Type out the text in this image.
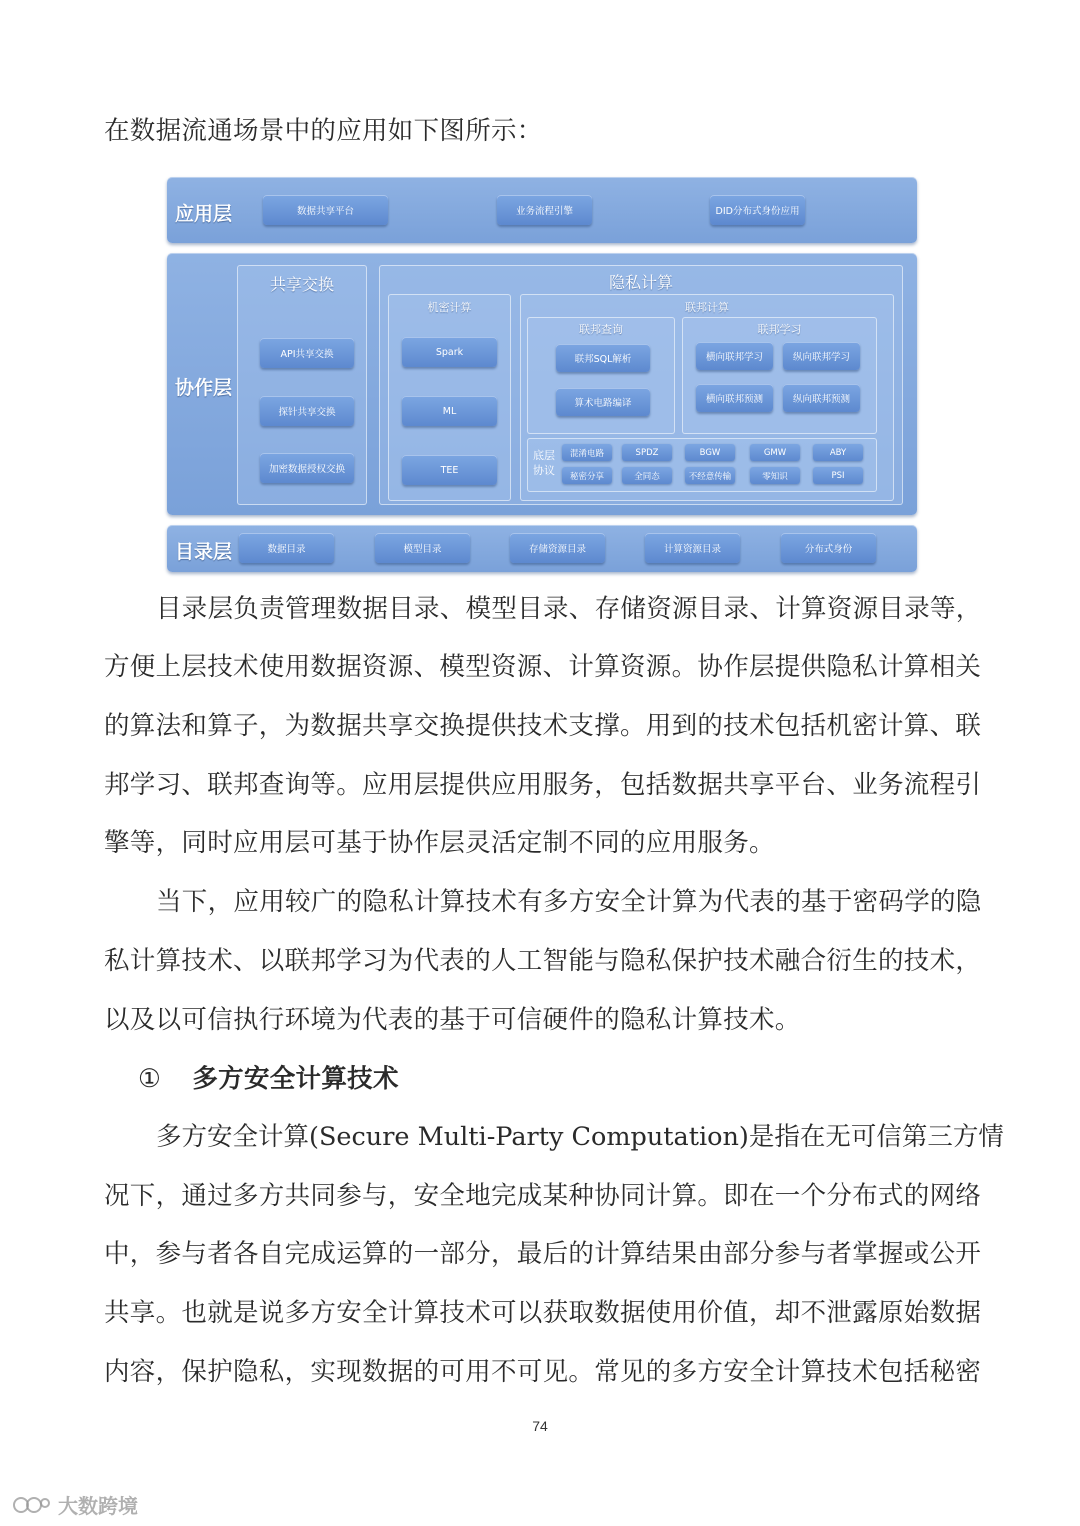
在数据流通场景中的应用如下图所示：
应用层	数据共享平台	业务流程引擎	DID分布式身份应用
协作层
共享交换
API共享交换
探针共享交换
加密数据授权交换
隐私计算
机密计算
Spark
ML
TEE
联邦计算
联邦查询
联邦SQL解析
算术电路编译
联邦学习
横向联邦学习	纵向联邦学习
横向联邦预测	纵向联邦预测
底层协议
混淆电路	SPDZ	BGW	GMW	ABY
秘密分享	全同态	不经意传输	零知识	PSI
目录层	数据目录	模型目录	存储资源目录	计算资源目录	分布式身份
目录层负责管理数据目录、模型目录、存储资源目录、计算资源目录等，
方便上层技术使用数据资源、模型资源、计算资源。协作层提供隐私计算相关
的算法和算子，为数据共享交换提供技术支撑。用到的技术包括机密计算、联
邦学习、联邦查询等。应用层提供应用服务，包括数据共享平台、业务流程引
擎等，同时应用层可基于协作层灵活定制不同的应用服务。
当下，应用较广的隐私计算技术有多方安全计算为代表的基于密码学的隐
私计算技术、以联邦学习为代表的人工智能与隐私保护技术融合衍生的技术，
以及以可信执行环境为代表的基于可信硬件的隐私计算技术。
① 多方安全计算技术
多方安全计算(Secure Multi-Party Computation)是指在无可信第三方情
况下，通过多方共同参与，安全地完成某种协同计算。即在一个分布式的网络
中，参与者各自完成运算的一部分，最后的计算结果由部分参与者掌握或公开
共享。也就是说多方安全计算技术可以获取数据使用价值，却不泄露原始数据
内容，保护隐私，实现数据的可用不可见。常见的多方安全计算技术包括秘密
74
大数跨境
